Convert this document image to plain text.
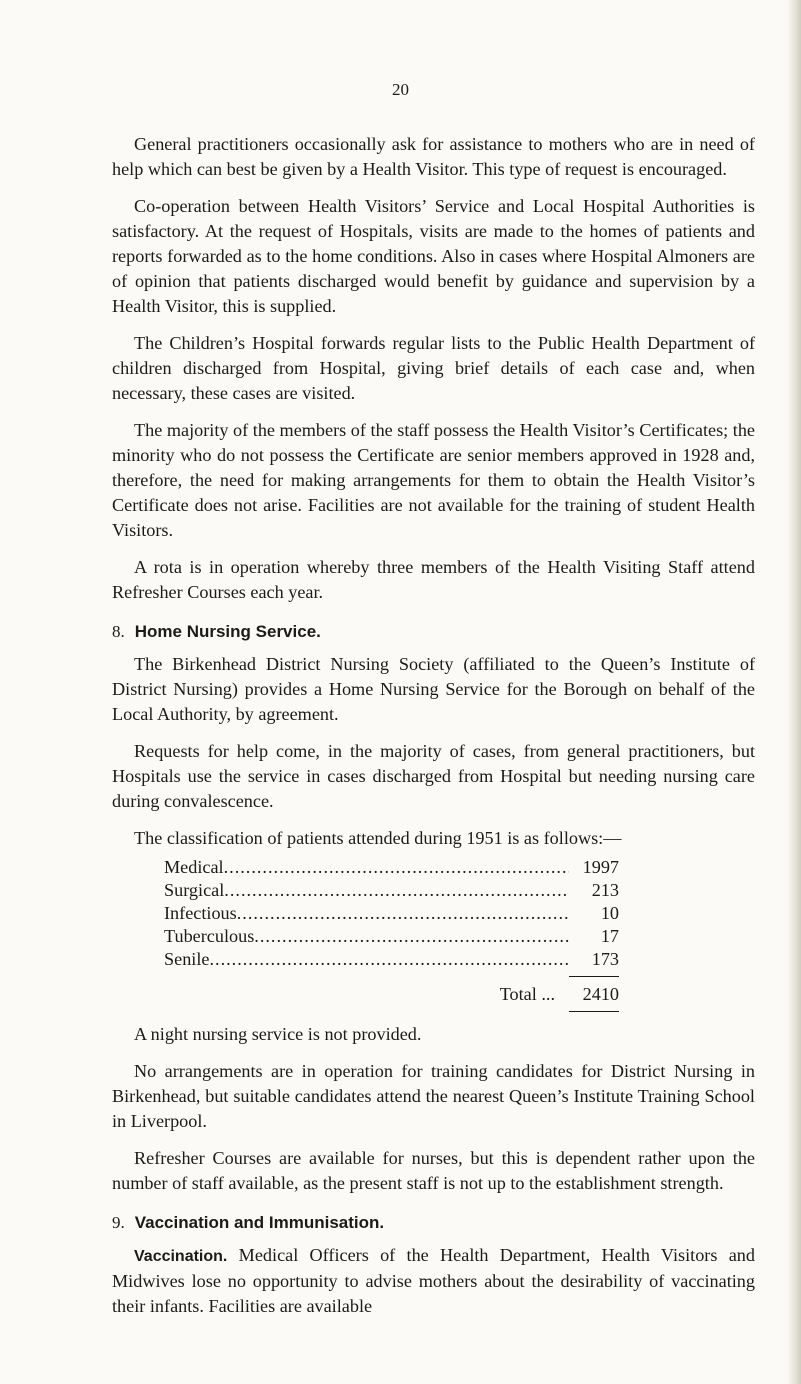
20

General practitioners occasionally ask for assistance to mothers who are in need of help which can best be given by a Health Visitor. This type of request is encouraged.

Co-operation between Health Visitors’ Service and Local Hospital Authorities is satisfactory. At the request of Hospitals, visits are made to the homes of patients and reports forwarded as to the home conditions. Also in cases where Hospital Almoners are of opinion that patients discharged would benefit by guidance and supervision by a Health Visitor, this is supplied.

The Children’s Hospital forwards regular lists to the Public Health Department of children discharged from Hospital, giving brief details of each case and, when necessary, these cases are visited.

The majority of the members of the staff possess the Health Visitor’s Certificates; the minority who do not possess the Certificate are senior members approved in 1928 and, therefore, the need for making arrangements for them to obtain the Health Visitor’s Certificate does not arise. Facilities are not available for the training of student Health Visitors.

A rota is in operation whereby three members of the Health Visiting Staff attend Refresher Courses each year.

8. Home Nursing Service.

The Birkenhead District Nursing Society (affiliated to the Queen’s Institute of District Nursing) provides a Home Nursing Service for the Borough on behalf of the Local Authority, by agreement.

Requests for help come, in the majority of cases, from general practitioners, but Hospitals use the service in cases discharged from Hospital but needing nursing care during convalescence.

The classification of patients attended during 1951 is as follows:—

Medical .....	1997
Surgical .....	213
Infectious .....	10
Tuberculous .....	17
Senile .....	173
Total ...	2410

A night nursing service is not provided.

No arrangements are in operation for training candidates for District Nursing in Birkenhead, but suitable candidates attend the nearest Queen’s Institute Training School in Liverpool.

Refresher Courses are available for nurses, but this is dependent rather upon the number of staff available, as the present staff is not up to the establishment strength.

9. Vaccination and Immunisation.

Vaccination. Medical Officers of the Health Department, Health Visitors and Midwives lose no opportunity to advise mothers about the desirability of vaccinating their infants. Facilities are available
